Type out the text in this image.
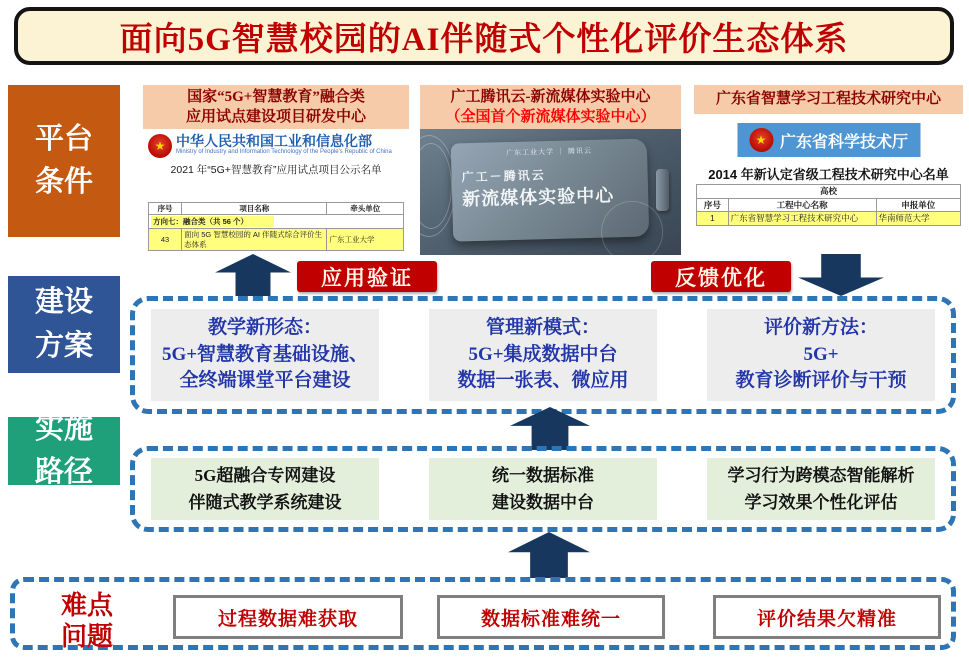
面向5G智慧校园的AI伴随式个性化评价生态体系
平台
条件
建设
方案
实施
路径
国家“5G+智慧教育”融合类
应用试点建设项目研发中心
★ 中华人民共和国工业和信息化部
Ministry of Industry and Information Technology of the People's Republic of China
2021 年“5G+智慧教育”应用试点项目公示名单
序号	项目名称	牵头单位
方向七：融合类（共 56 个）		
43	面向 5G 智慧校园的 AI 伴随式综合评价生态体系	广东工业大学
广工腾讯云-新流媒体实验中心
（全国首个新流媒体实验中心）
广东工业大学 ｜ 腾讯云
广工－腾讯云
新流媒体实验中心
广东省智慧学习工程技术研究中心
★ 广东省科学技术厅
2014 年新认定省级工程技术研究中心名单
高校		
序号	工程中心名称	申报单位
1	广东省智慧学习工程技术研究中心	华南师范大学
应用验证	反馈优化
教学新形态：
5G+智慧教育基础设施、
全终端课堂平台建设
管理新模式：
5G+集成数据中台
数据一张表、微应用
评价新方法：
5G+
教育诊断评价与干预
5G超融合专网建设
伴随式教学系统建设
统一数据标准
建设数据中台
学习行为跨模态智能解析
学习效果个性化评估
难点
问题
过程数据难获取	数据标准难统一	评价结果欠精准
